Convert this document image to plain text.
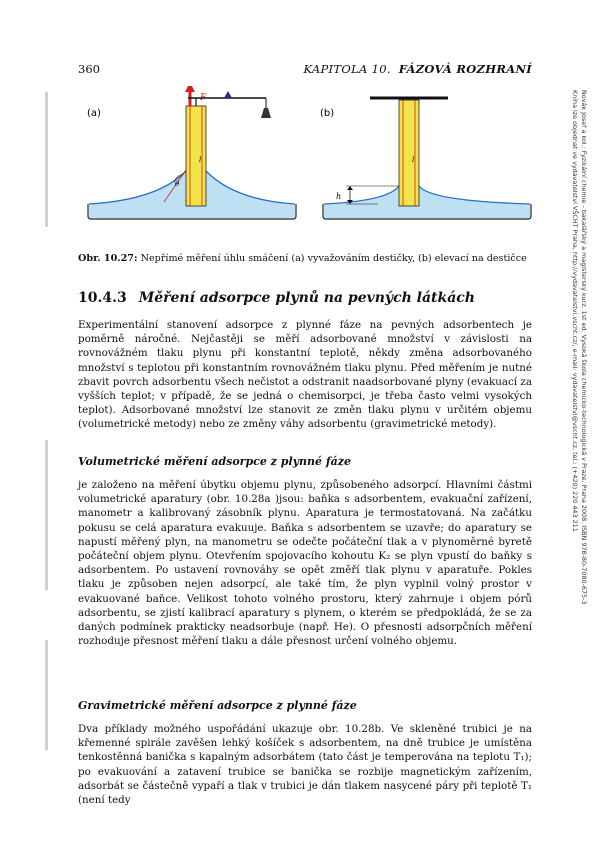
360	KAPITOLA 10. FÁZOVÁ ROZHRANÍ
Novák Josef a kol.: Fyzikální chemie - bakalářský a magisterský kurz. 1st ed. Vysoká škola chemicko-technologická v Praze, Praha 2008. ISBN 978-80-7080-675-3
Kniha lze objednat ve vydavatelství VŠCHT Praha, http://vydavatelstvi.vscht.cz/, e-mail: vydavatelstvi@vscht.cz, tel.: (+420) 220 443 211
(a)
F
l
θ
(b)
h
l
Obr. 10.27: Nepřímé měření úhlu smáčení (a) vyvažováním destičky, (b) elevací na destičce
10.4.3 Měření adsorpce plynů na pevných látkách
Experimentální stanovení adsorpce z plynné fáze na pevných adsorbentech je poměrně náročné. Nejčastěji se měří adsorbované množství v závislosti na rovnovážném tlaku plynu při konstantní teplotě, někdy změna adsorbovaného množství s teplotou při konstantním rovnovážném tlaku plynu. Před měřením je nutné zbavit povrch adsorbentu všech nečistot a odstranit naadsorbované plyny (evakuací za vyšších teplot; v případě, že se jedná o chemisorpci, je třeba často velmi vysokých teplot). Adsorbované množství lze stanovit ze změn tlaku plynu v určitém objemu (volumetrické metody) nebo ze změny váhy adsorbentu (gravimetrické metody).
Volumetrické měření adsorpce z plynné fáze
je založeno na měření úbytku objemu plynu, způsobeného adsorpcí. Hlavními částmi volumetrické aparatury (obr. 10.28a )jsou: baňka s adsorbentem, evakuační zařízení, manometr a kalibrovaný zásobník plynu. Aparatura je termostatovaná. Na začátku pokusu se celá aparatura evakuuje. Baňka s adsorbentem se uzavře; do aparatury se napustí měřený plyn, na manometru se odečte počáteční tlak a v plynoměrné byretě počáteční objem plynu. Otevřením spojovacího kohoutu K₂ se plyn vpustí do baňky s adsorbentem. Po ustavení rovnováhy se opět změří tlak plynu v aparatuře. Pokles tlaku je způsoben nejen adsorpcí, ale také tím, že plyn vyplnil volný prostor v evakuované baňce. Velikost tohoto volného prostoru, který zahrnuje i objem pórů adsorbentu, se zjistí kalibrací aparatury s plynem, o kterém se předpokládá, že se za daných podmínek prakticky neadsorbuje (např. He). O přesnosti adsorpčních měření rozhoduje přesnost měření tlaku a dále přesnost určení volného objemu.
Gravimetrické měření adsorpce z plynné fáze
Dva příklady možného uspořádání ukazuje obr. 10.28b. Ve skleněné trubici je na křemenné spirále zavěšen lehký košíček s adsorbentem, na dně trubice je umístěna tenkostěnná banička s kapalným adsorbátem (tato část je temperována na teplotu T₁); po evakuování a zatavení trubice se banička se rozbije magnetickým zařízením, adsorbát se částečně vypaří a tlak v trubici je dán tlakem nasycené páry při teplotě T₁ (není tedy
